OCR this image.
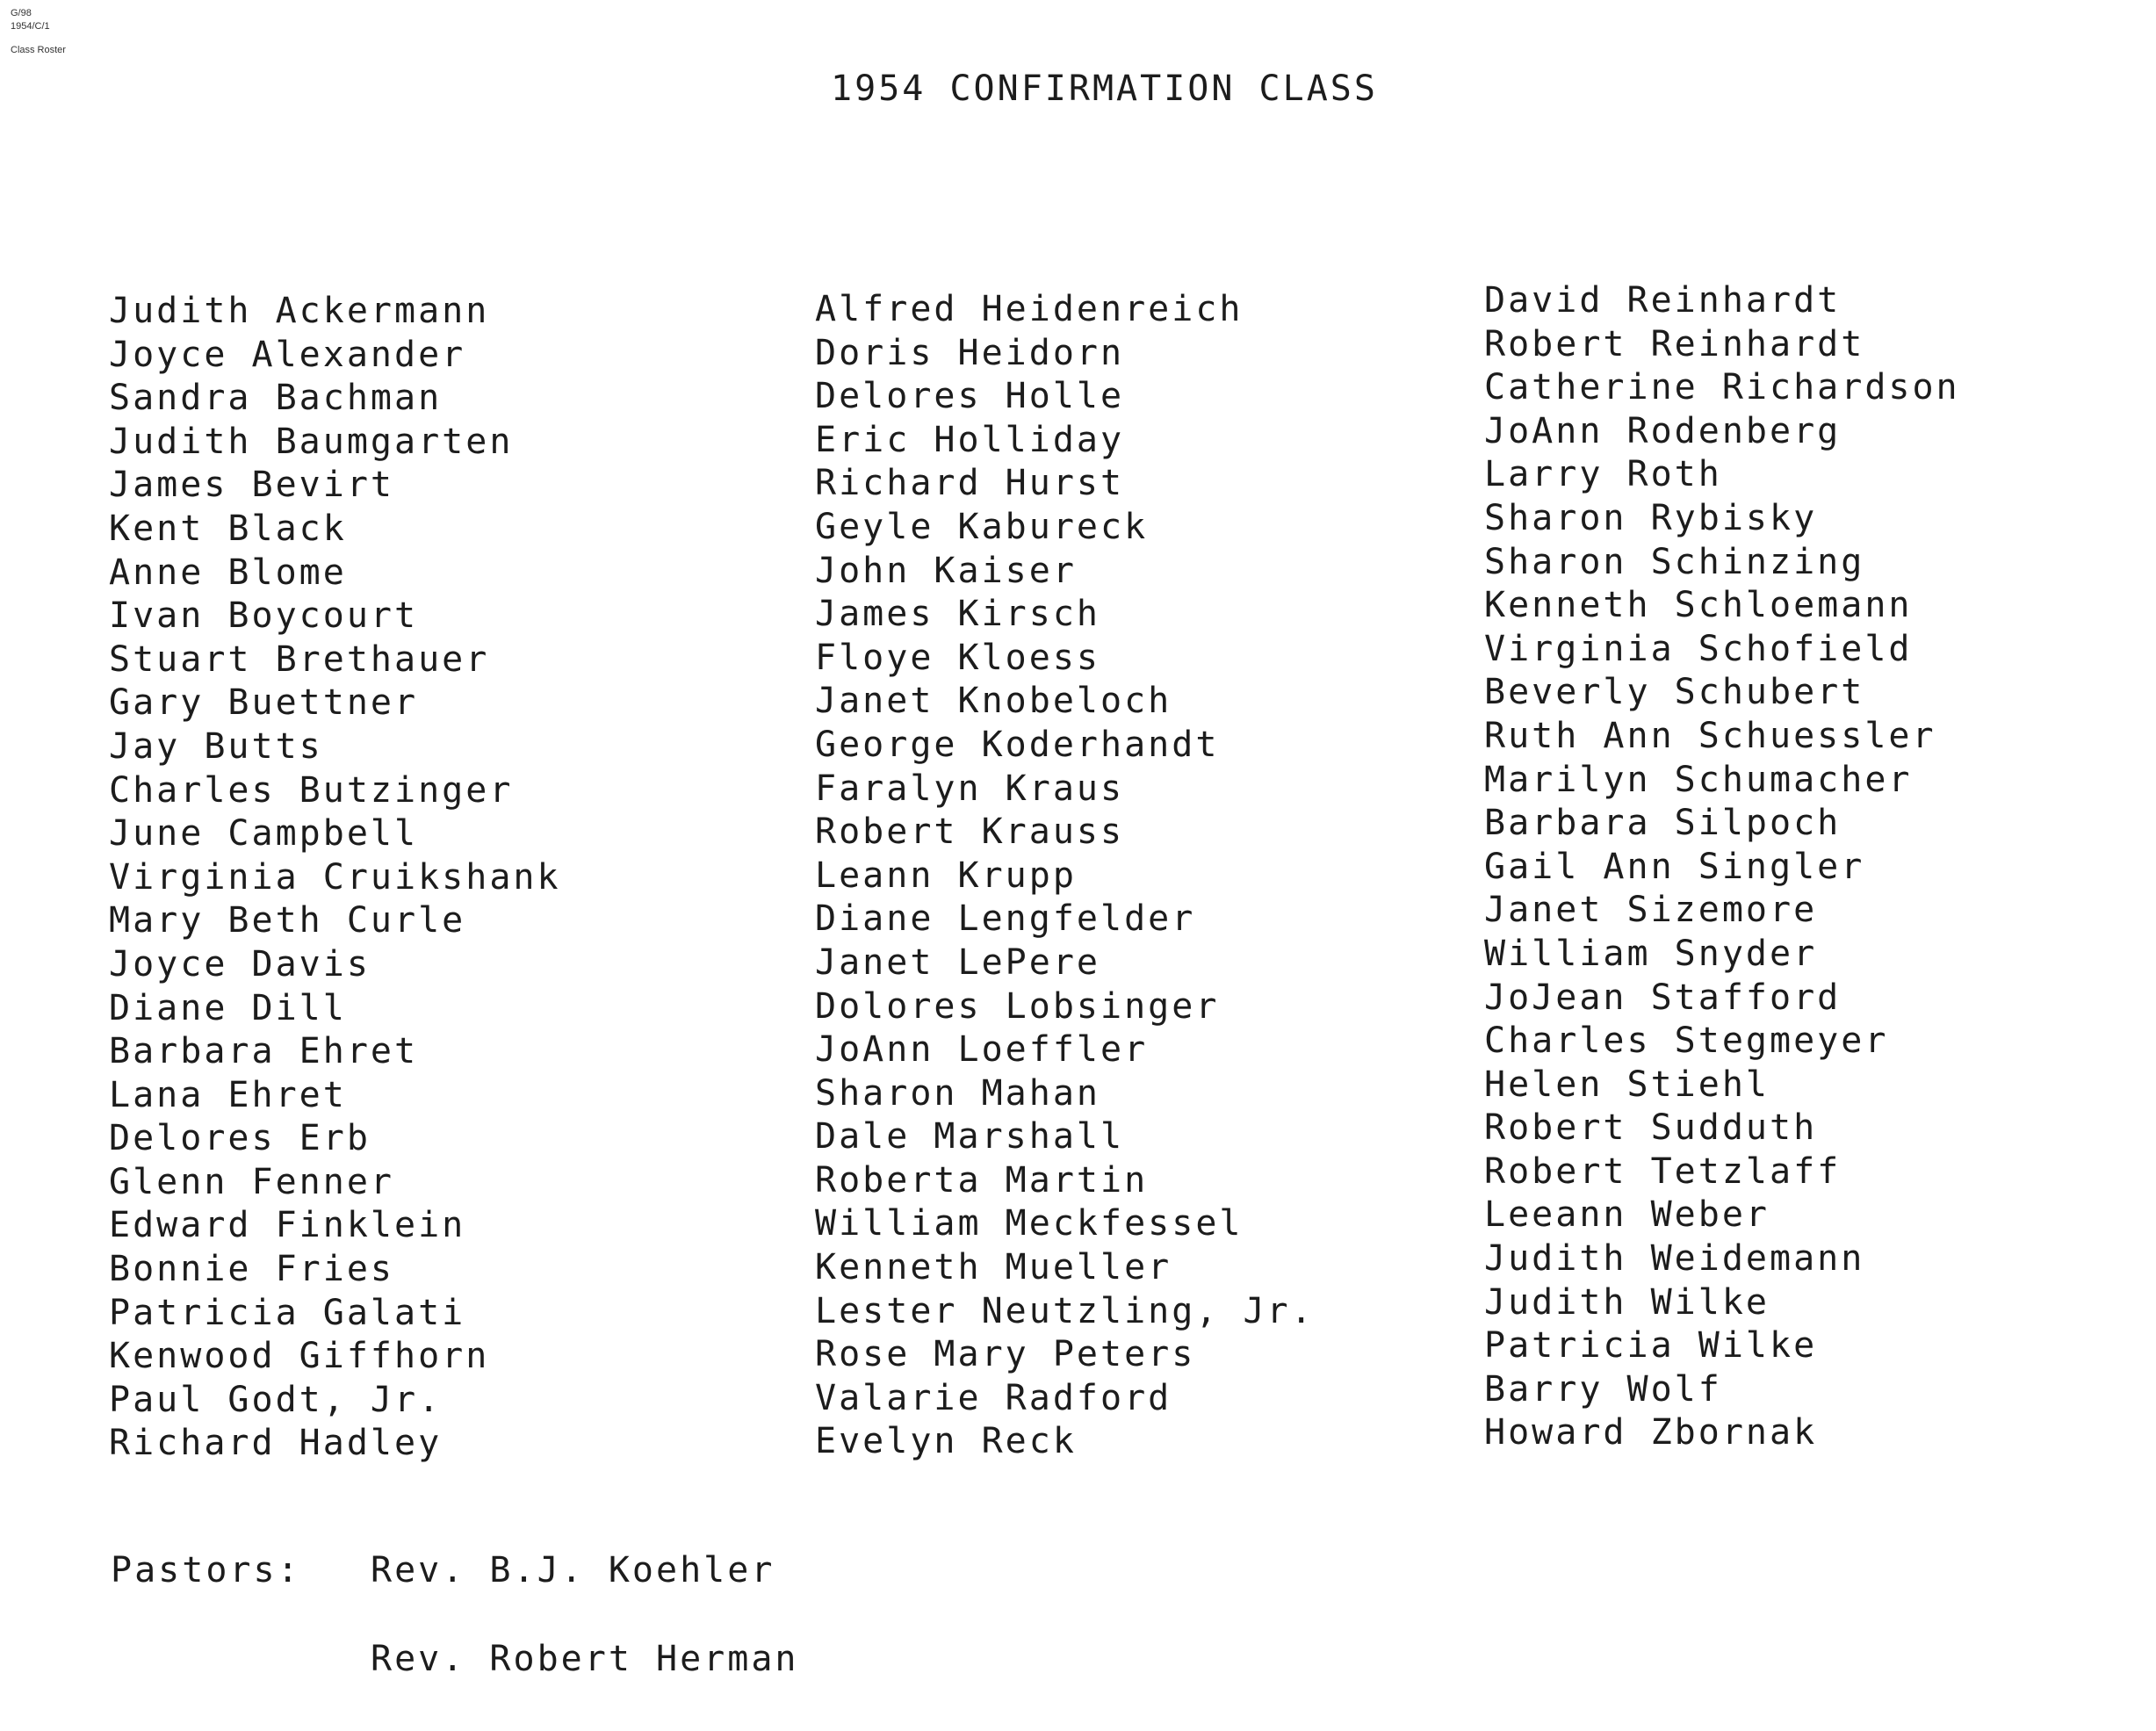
G/98
1954/C/1
Class Roster
1954 CONFIRMATION CLASS
Judith Ackermann
Joyce Alexander
Sandra Bachman
Judith Baumgarten
James Bevirt
Kent Black
Anne Blome
Ivan Boycourt
Stuart Brethauer
Gary Buettner
Jay Butts
Charles Butzinger
June Campbell
Virginia Cruikshank
Mary Beth Curle
Joyce Davis
Diane Dill
Barbara Ehret
Lana Ehret
Delores Erb
Glenn Fenner
Edward Finklein
Bonnie Fries
Patricia Galati
Kenwood Giffhorn
Paul Godt, Jr.
Richard Hadley
Alfred Heidenreich
Doris Heidorn
Delores Holle
Eric Holliday
Richard Hurst
Geyle Kabureck
John Kaiser
James Kirsch
Floye Kloess
Janet Knobeloch
George Koderhandt
Faralyn Kraus
Robert Krauss
Leann Krupp
Diane Lengfelder
Janet LePere
Dolores Lobsinger
JoAnn Loeffler
Sharon Mahan
Dale Marshall
Roberta Martin
William Meckfessel
Kenneth Mueller
Lester Neutzling, Jr.
Rose Mary Peters
Valarie Radford
Evelyn Reck
David Reinhardt
Robert Reinhardt
Catherine Richardson
JoAnn Rodenberg
Larry Roth
Sharon Rybisky
Sharon Schinzing
Kenneth Schloemann
Virginia Schofield
Beverly Schubert
Ruth Ann Schuessler
Marilyn Schumacher
Barbara Silpoch
Gail Ann Singler
Janet Sizemore
William Snyder
JoJean Stafford
Charles Stegmeyer
Helen Stiehl
Robert Sudduth
Robert Tetzlaff
Leeann Weber
Judith Weidemann
Judith Wilke
Patricia Wilke
Barry Wolf
Howard Zbornak
Pastors: Rev. B.J. Koehler
Rev. Robert Herman
